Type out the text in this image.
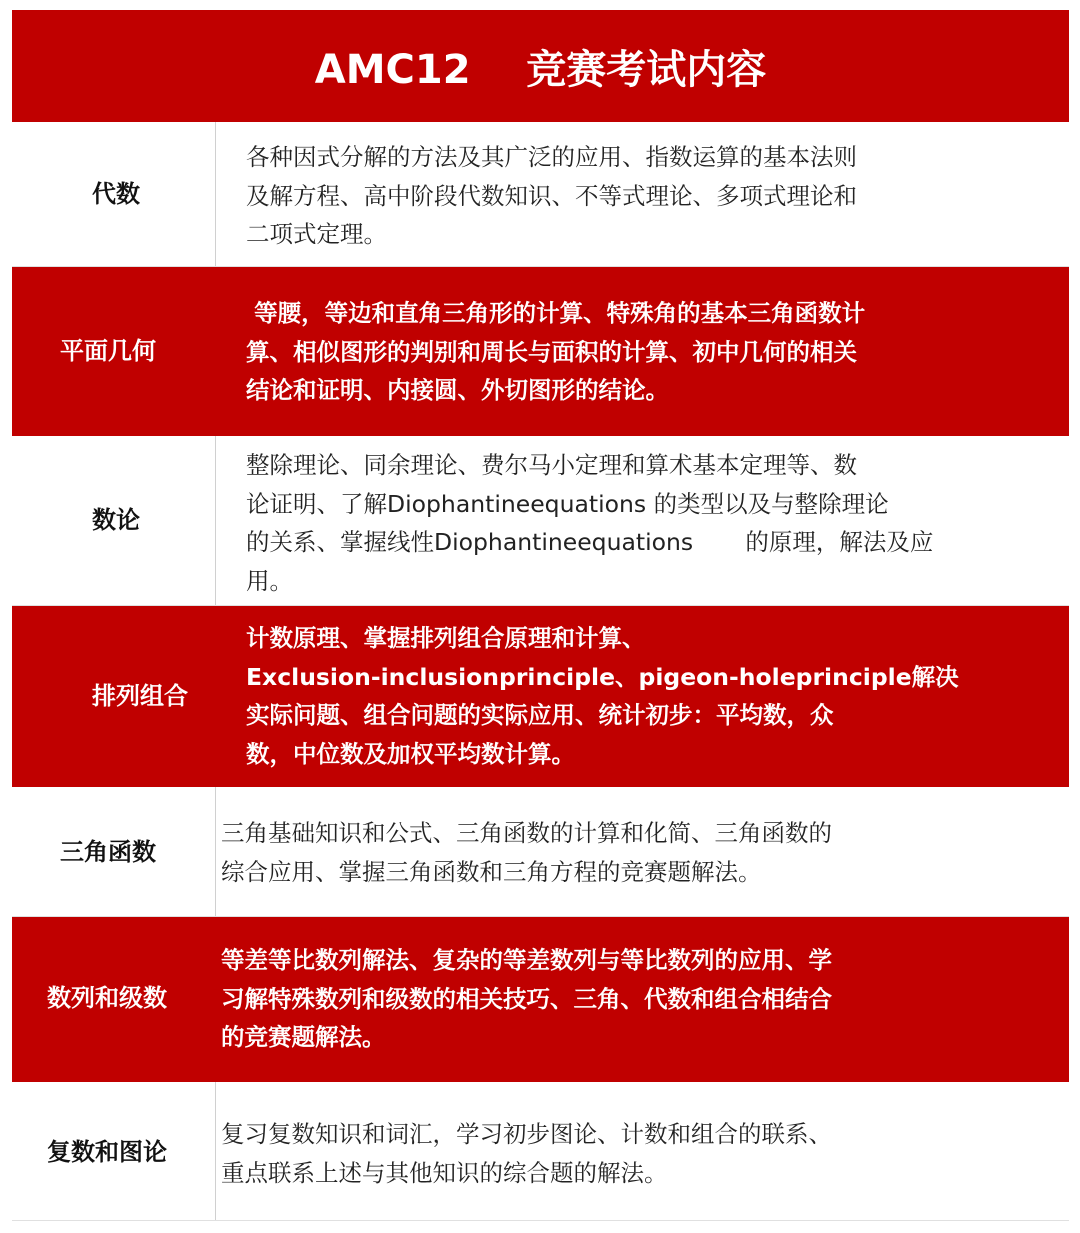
AMC12    竞赛考试内容
代数
各种因式分解的方法及其广泛的应用、指数运算的基本法则
及解方程、高中阶段代数知识、不等式理论、多项式理论和
二项式定理。
平面几何
等腰，等边和直角三角形的计算、特殊角的基本三角函数计
算、相似图形的判别和周长与面积的计算、初中几何的相关
结论和证明、内接圆、外切图形的结论。
数论
整除理论、同余理论、费尔马小定理和算术基本定理等、数
论证明、了解Diophantineequations 的类型以及与整除理论
的关系、掌握线性Diophantineequations       的原理，解法及应
用。
排列组合
计数原理、掌握排列组合原理和计算、
Exclusion-inclusionprinciple、pigeon-holeprinciple解决
实际问题、组合问题的实际应用、统计初步：平均数，众
数，中位数及加权平均数计算。
三角函数
三角基础知识和公式、三角函数的计算和化简、三角函数的
综合应用、掌握三角函数和三角方程的竞赛题解法。
数列和级数
等差等比数列解法、复杂的等差数列与等比数列的应用、学
习解特殊数列和级数的相关技巧、三角、代数和组合相结合
的竞赛题解法。
复数和图论
复习复数知识和词汇，学习初步图论、计数和组合的联系、
重点联系上述与其他知识的综合题的解法。
